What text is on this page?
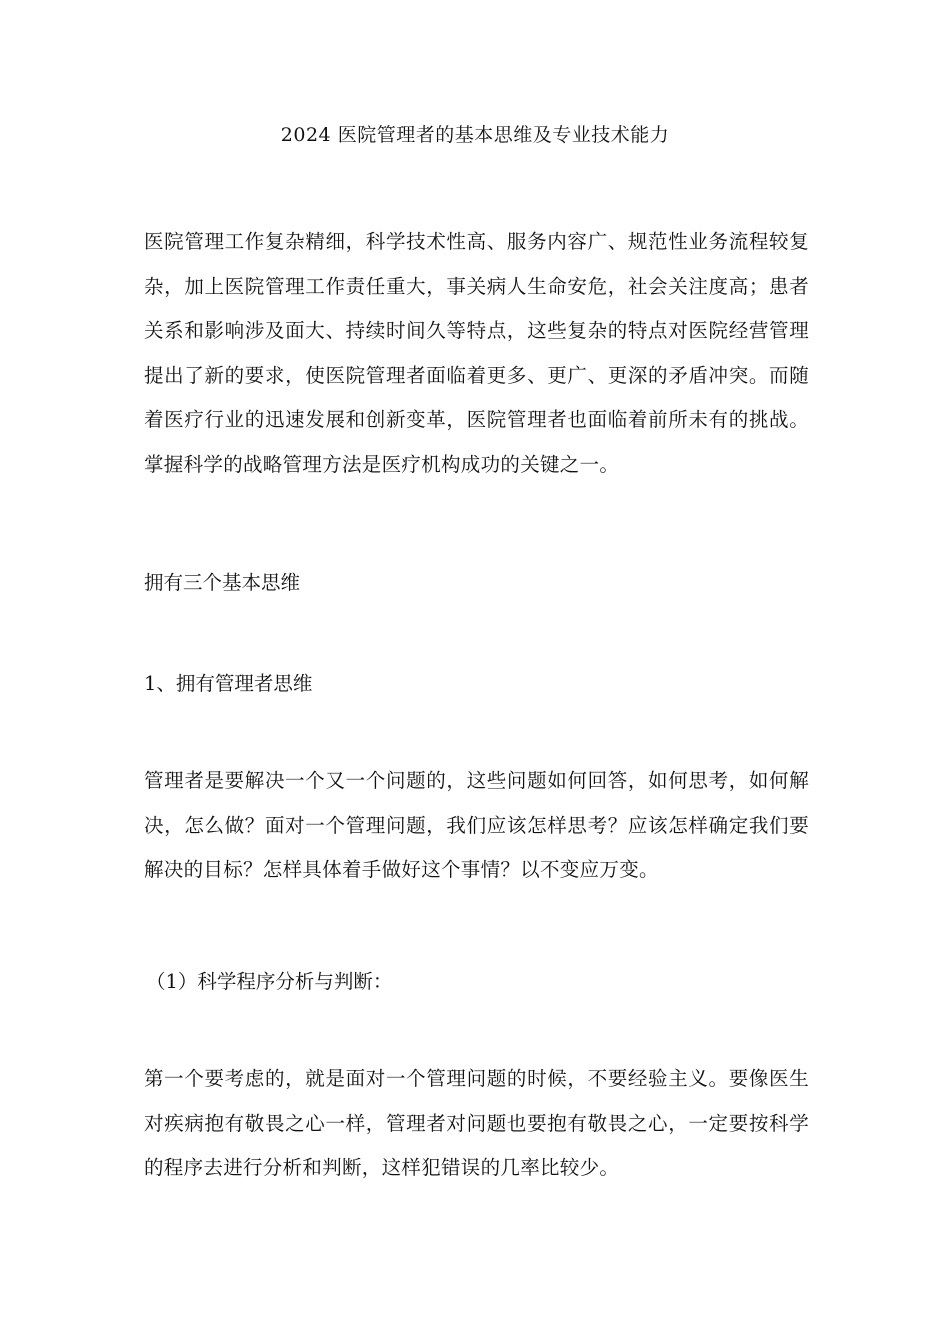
2024 医院管理者的基本思维及专业技术能力

医院管理工作复杂精细，科学技术性高、服务内容广、规范性业务流程较复杂，加上医院管理工作责任重大，事关病人生命安危，社会关注度高；患者关系和影响涉及面大、持续时间久等特点，这些复杂的特点对医院经营管理提出了新的要求，使医院管理者面临着更多、更广、更深的矛盾冲突。而随着医疗行业的迅速发展和创新变革，医院管理者也面临着前所未有的挑战。掌握科学的战略管理方法是医疗机构成功的关键之一。

拥有三个基本思维
1、拥有管理者思维

管理者是要解决一个又一个问题的，这些问题如何回答，如何思考，如何解决，怎么做？面对一个管理问题，我们应该怎样思考？应该怎样确定我们要解决的目标？怎样具体着手做好这个事情？以不变应万变。

（1）科学程序分析与判断：

第一个要考虑的，就是面对一个管理问题的时候，不要经验主义。要像医生对疾病抱有敬畏之心一样，管理者对问题也要抱有敬畏之心，一定要按科学的程序去进行分析和判断，这样犯错误的几率比较少。
